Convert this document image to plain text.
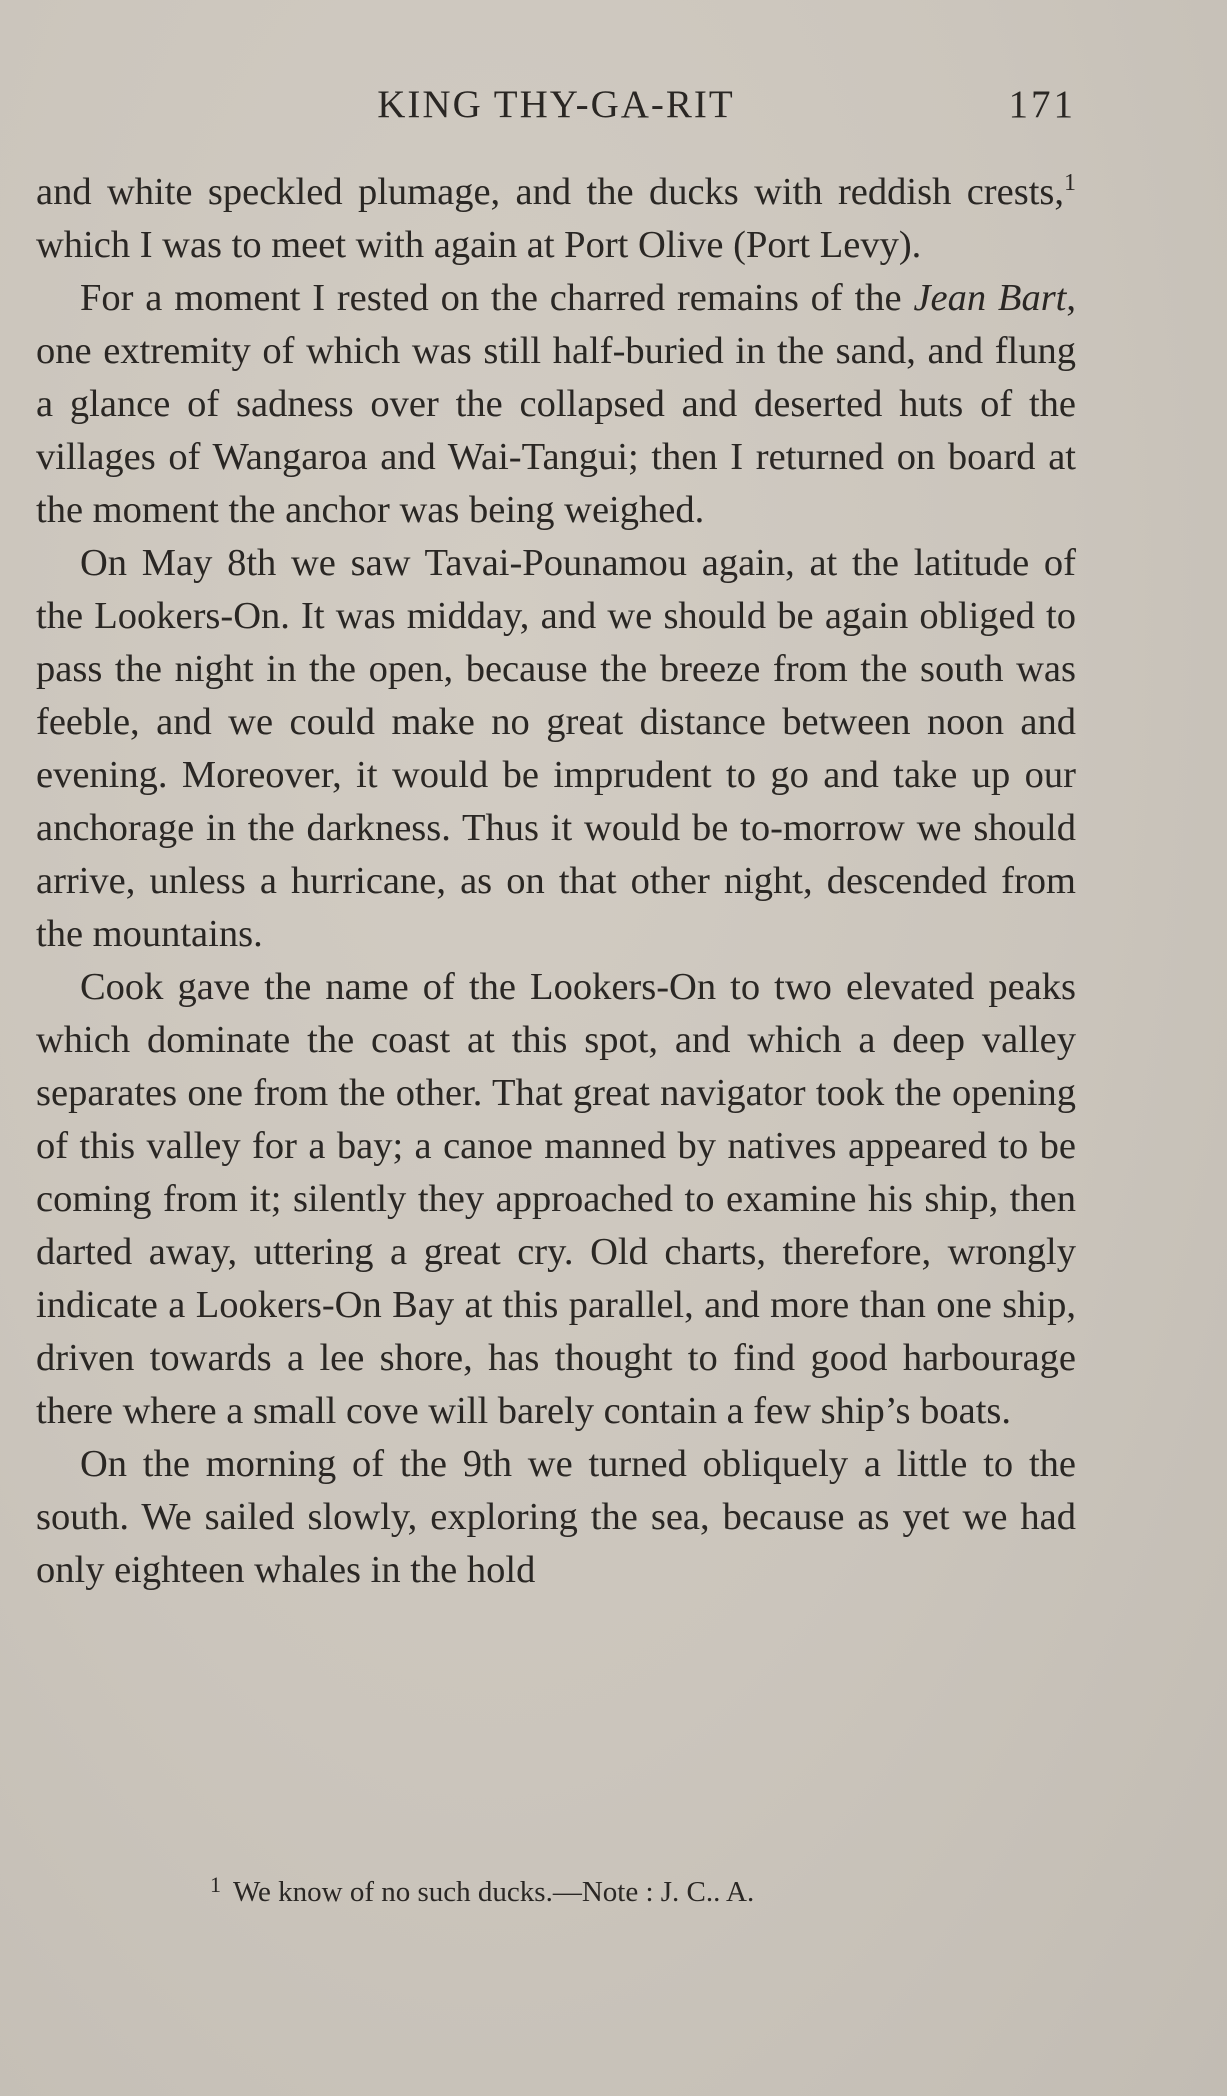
KING THY-GA-RIT	171

and white speckled plumage, and the ducks with reddish crests,$^1$ which I was to meet with again at Port Olive (Port Levy).

For a moment I rested on the charred remains of the Jean Bart, one extremity of which was still half-buried in the sand, and flung a glance of sadness over the collapsed and deserted huts of the villages of Wangaroa and Wai-Tangui; then I returned on board at the moment the anchor was being weighed.

On May 8th we saw Tavai-Pounamou again, at the latitude of the Lookers-On. It was midday, and we should be again obliged to pass the night in the open, because the breeze from the south was feeble, and we could make no great distance between noon and evening. Moreover, it would be imprudent to go and take up our anchorage in the darkness. Thus it would be to-morrow we should arrive, unless a hurricane, as on that other night, descended from the mountains.

Cook gave the name of the Lookers-On to two elevated peaks which dominate the coast at this spot, and which a deep valley separates one from the other. That great navigator took the opening of this valley for a bay; a canoe manned by natives appeared to be coming from it; silently they approached to examine his ship, then darted away, uttering a great cry. Old charts, therefore, wrongly indicate a Lookers-On Bay at this parallel, and more than one ship, driven towards a lee shore, has thought to find good harbourage there where a small cove will barely contain a few ship’s boats.

On the morning of the 9th we turned obliquely a little to the south. We sailed slowly, exploring the sea, because as yet we had only eighteen whales in the hold

$^1$ We know of no such ducks.—Note : J. C.. A.
